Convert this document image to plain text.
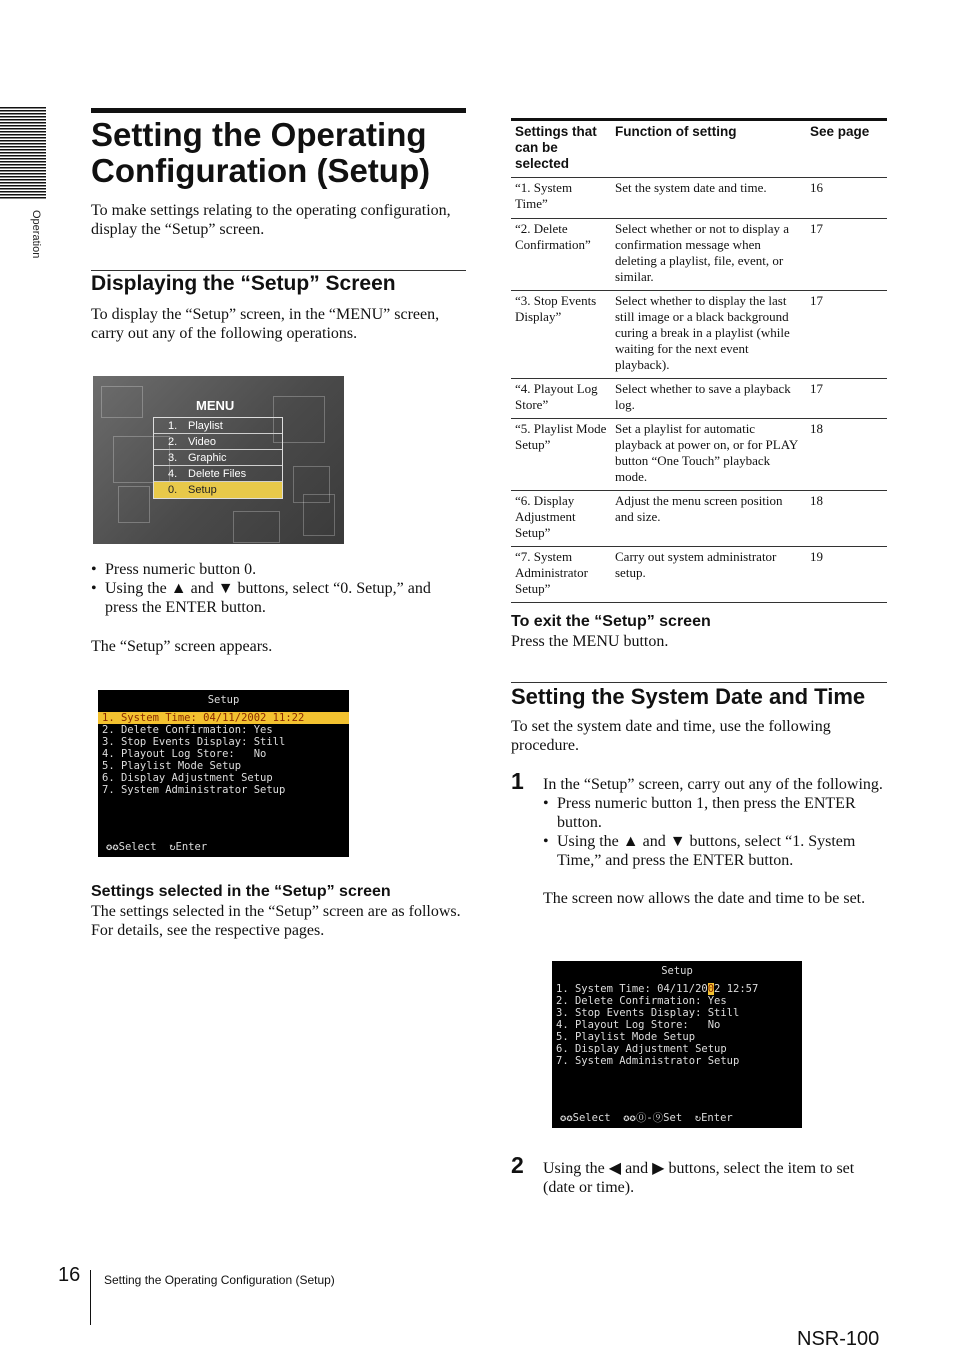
Operation
Setting the Operating
Configuration (Setup)
To make settings relating to the operating configuration, display the “Setup” screen.
Displaying the “Setup” Screen
To display the “Setup” screen, in the “MENU” screen, carry out any of the following operations.
MENU
1. Playlist
2. Video
3. Graphic
4. Delete Files
0. Setup
• Press numeric button 0.
• Using the ▲ and ▼ buttons, select “0. Setup,” and press the ENTER button.
The “Setup” screen appears.
Setup
1. System Time: 04/11/2002 11:22
2. Delete Confirmation: Yes
3. Stop Events Display: Still
4. Playout Log Store:   No
5. Playlist Mode Setup
6. Display Adjustment Setup
7. System Administrator Setup
✪✪Select  ↻Enter
Settings selected in the “Setup” screen
The settings selected in the “Setup” screen are as follows. For details, see the respective pages.
Settings that can be selected	Function of setting	See page
“1. System Time”	Set the system date and time.	16
“2. Delete Confirmation”	Select whether or not to display a confirmation message when deleting a playlist, file, event, or similar.	17
“3. Stop Events Display”	Select whether to display the last still image or a black background curing a break in a playlist (while waiting for the next event playback).	17
“4. Playout Log Store”	Select whether to save a playback log.	17
“5. Playlist Mode Setup”	Set a playlist for automatic playback at power on, or for PLAY button “One Touch” playback mode.	18
“6. Display Adjustment Setup”	Adjust the menu screen position and size.	18
“7. System Administrator Setup”	Carry out system administrator setup.	19
To exit the “Setup” screen
Press the MENU button.
Setting the System Date and Time
To set the system date and time, use the following procedure.
1 In the “Setup” screen, carry out any of the following.
• Press numeric button 1, then press the ENTER button.
• Using the ▲ and ▼ buttons, select “1. System Time,” and press the ENTER button.
The screen now allows the date and time to be set.
Setup
1. System Time: 04/11/2002 12:57
2. Delete Confirmation: Yes
3. Stop Events Display: Still
4. Playout Log Store:   No
5. Playlist Mode Setup
6. Display Adjustment Setup
7. System Administrator Setup
✪✪Select  ✪✪⓪-⑨Set  ↻Enter
2 Using the ◀ and ▶ buttons, select the item to set (date or time).
16 Setting the Operating Configuration (Setup)
NSR-100
